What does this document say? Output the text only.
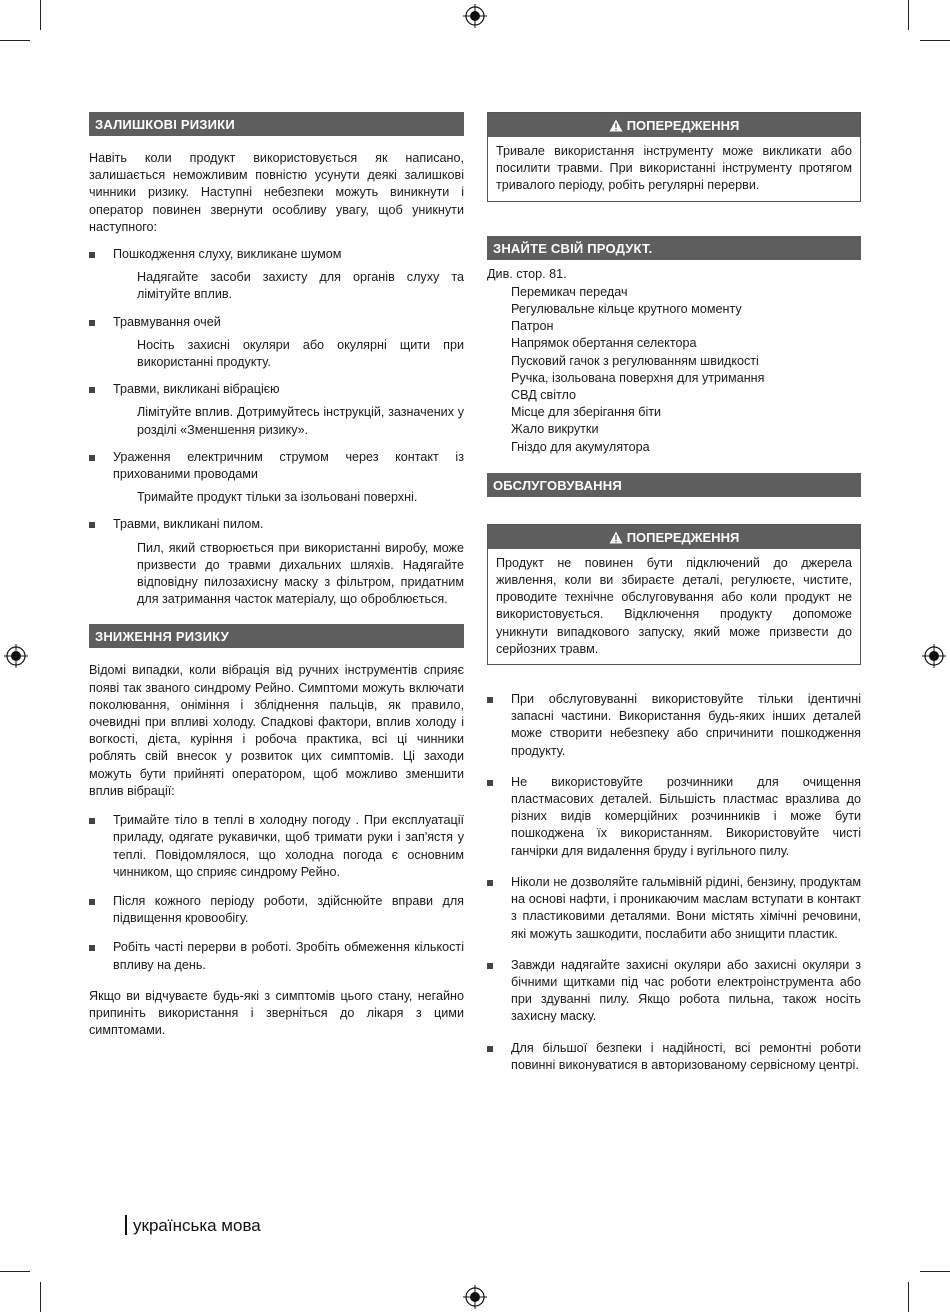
ЗАЛИШКОВІ РИЗИКИ

Навіть коли продукт використовується як написано, залишається неможливим повністю усунути деякі залишкові чинники ризику. Наступні небезпеки можуть виникнути і оператор повинен звернути особливу увагу, щоб уникнути наступного:

Пошкодження слуху, викликане шумом
Надягайте засоби захисту для органів слуху та лімітуйте вплив.
Травмування очей
Носіть захисні окуляри або окулярні щити при використанні продукту.
Травми, викликані вібрацією
Лімітуйте вплив. Дотримуйтесь інструкцій, зазначених у розділі «Зменшення ризику».
Ураження електричним струмом через контакт із прихованими проводами
Тримайте продукт тільки за ізольовані поверхні.
Травми, викликані пилом.
Пил, який створюється при використанні виробу, може призвести до травми дихальних шляхів. Надягайте відповідну пилозахисну маску з фільтром, придатним для затримання часток матеріалу, що оброблюється.
ЗНИЖЕННЯ РИЗИКУ

Відомі випадки, коли вібрація від ручних інструментів сприяє появі так званого синдрому Рейно. Симптоми можуть включати поколювання, оніміння і збліднення пальців, як правило, очевидні при впливі холоду. Спадкові фактори, вплив холоду і вогкості, дієта, куріння і робоча практика, всі ці чинники роблять свій внесок у розвиток цих симптомів. Ці заходи можуть бути прийняті оператором, щоб можливо зменшити вплив вібрації:

Тримайте тіло в теплі в холодну погоду . При експлуатації приладу, одягате рукавички, щоб тримати руки і зап'ястя у теплі. Повідомлялося, що холодна погода є основним чинником, що сприяє синдрому Рейно.
Після кожного періоду роботи, здійснюйте вправи для підвищення кровообігу.
Робіть часті перерви в роботі. Зробіть обмеження кількості впливу на день.

Якщо ви відчуваєте будь-які з симптомів цього стану, негайно припиніть використання і зверніться до лікаря з цими симптомами.

ПОПЕРЕДЖЕННЯ
Тривале використання інструменту може викликати або посилити травми. При використанні інструменту протягом тривалого періоду, робіть регулярні перерви.
ЗНАЙТЕ СВІЙ ПРОДУКТ.
Див. стор. 81.
Перемикач передач
Регулювальне кільце крутного моменту
Патрон
Напрямок обертання селектора
Пусковий гачок з регулюванням швидкості
Ручка, ізольована поверхня для утримання
СВД світло
Місце для зберігання біти
Жало викрутки
Гніздо для акумулятора
ОБСЛУГОВУВАННЯ
ПОПЕРЕДЖЕННЯ
Продукт не повинен бути підключений до джерела живлення, коли ви збираєте деталі, регулюєте, чистите, проводите технічне обслуговування або коли продукт не використовується. Відключення продукту допоможе уникнути випадкового запуску, який може призвести до серйозних травм.
При обслуговуванні використовуйте тільки ідентичні запасні частини. Використання будь-яких інших деталей може створити небезпеку або спричинити пошкодження продукту.
Не використовуйте розчинники для очищення пластмасових деталей. Більшість пластмас вразлива до різних видів комерційних розчинників і може бути пошкоджена їх використанням. Використовуйте чисті ганчірки для видалення бруду і вугільного пилу.
Ніколи не дозволяйте гальмівній рідині, бензину, продуктам на основі нафти, і проникаючим маслам вступати в контакт з пластиковими деталями. Вони містять хімічні речовини, які можуть зашкодити, послабити або знищити пластик.
Завжди надягайте захисні окуляри або захисні окуляри з бічними щитками під час роботи електроінструмента або при здуванні пилу. Якщо робота пильна, також носіть захисну маску.
Для більшої безпеки і надійності, всі ремонтні роботи повинні виконуватися в авторизованому сервісному центрі.
українська мова
